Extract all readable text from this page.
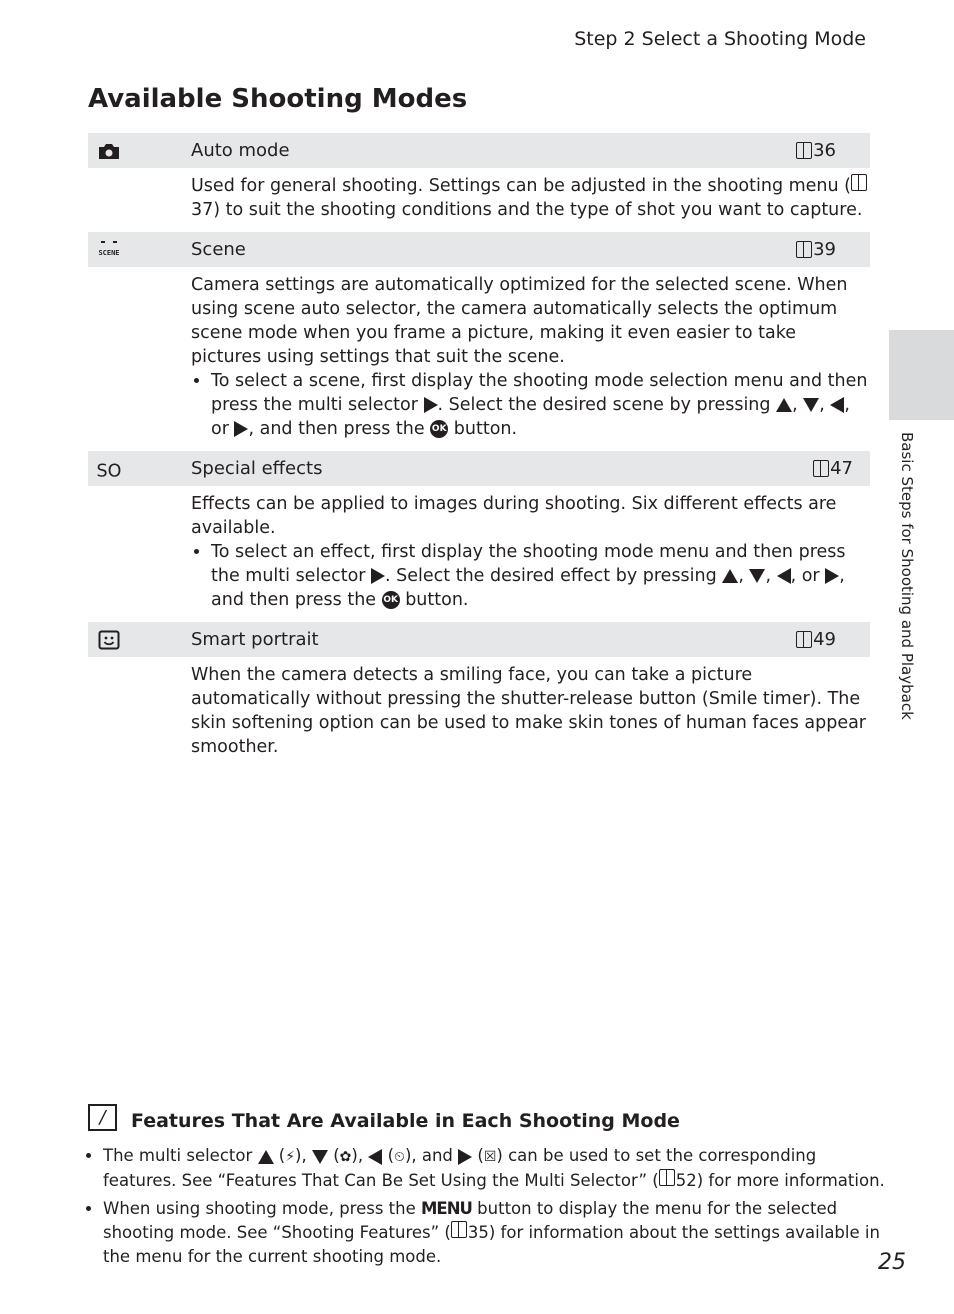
Step 2 Select a Shooting Mode
Available Shooting Modes
Auto mode	36

Used for general shooting. Settings can be adjusted in the shooting menu (37) to suit the shooting conditions and the type of shot you want to capture.

SCENE	Scene	39

Camera settings are automatically optimized for the selected scene. When using scene auto selector, the camera automatically selects the optimum scene mode when you frame a picture, making it even easier to take pictures using settings that suit the scene.

• To select a scene, first display the shooting mode selection menu and then press the multi selector . Select the desired scene by pressing , , , or , and then press the OK button.
SO	Special effects	47

Effects can be applied to images during shooting. Six different effects are available.

• To select an effect, first display the shooting mode menu and then press the multi selector . Select the desired effect by pressing , , , or , and then press the OK button.
Smart portrait	49

When the camera detects a smiling face, you can take a picture automatically without pressing the shutter-release button (Smile timer). The skin softening option can be used to make skin tones of human faces appear smoother.

Basic Steps for Shooting and Playback
/	Features That Are Available in Each Shooting Mode
• The multi selector  (⚡),  (✿),  (⏲), and  (☒) can be used to set the corresponding features. See “Features That Can Be Set Using the Multi Selector” ( 52) for more information.
• When using shooting mode, press the MENU button to display the menu for the selected shooting mode. See “Shooting Features” ( 35) for information about the settings available in the menu for the current shooting mode.	25
